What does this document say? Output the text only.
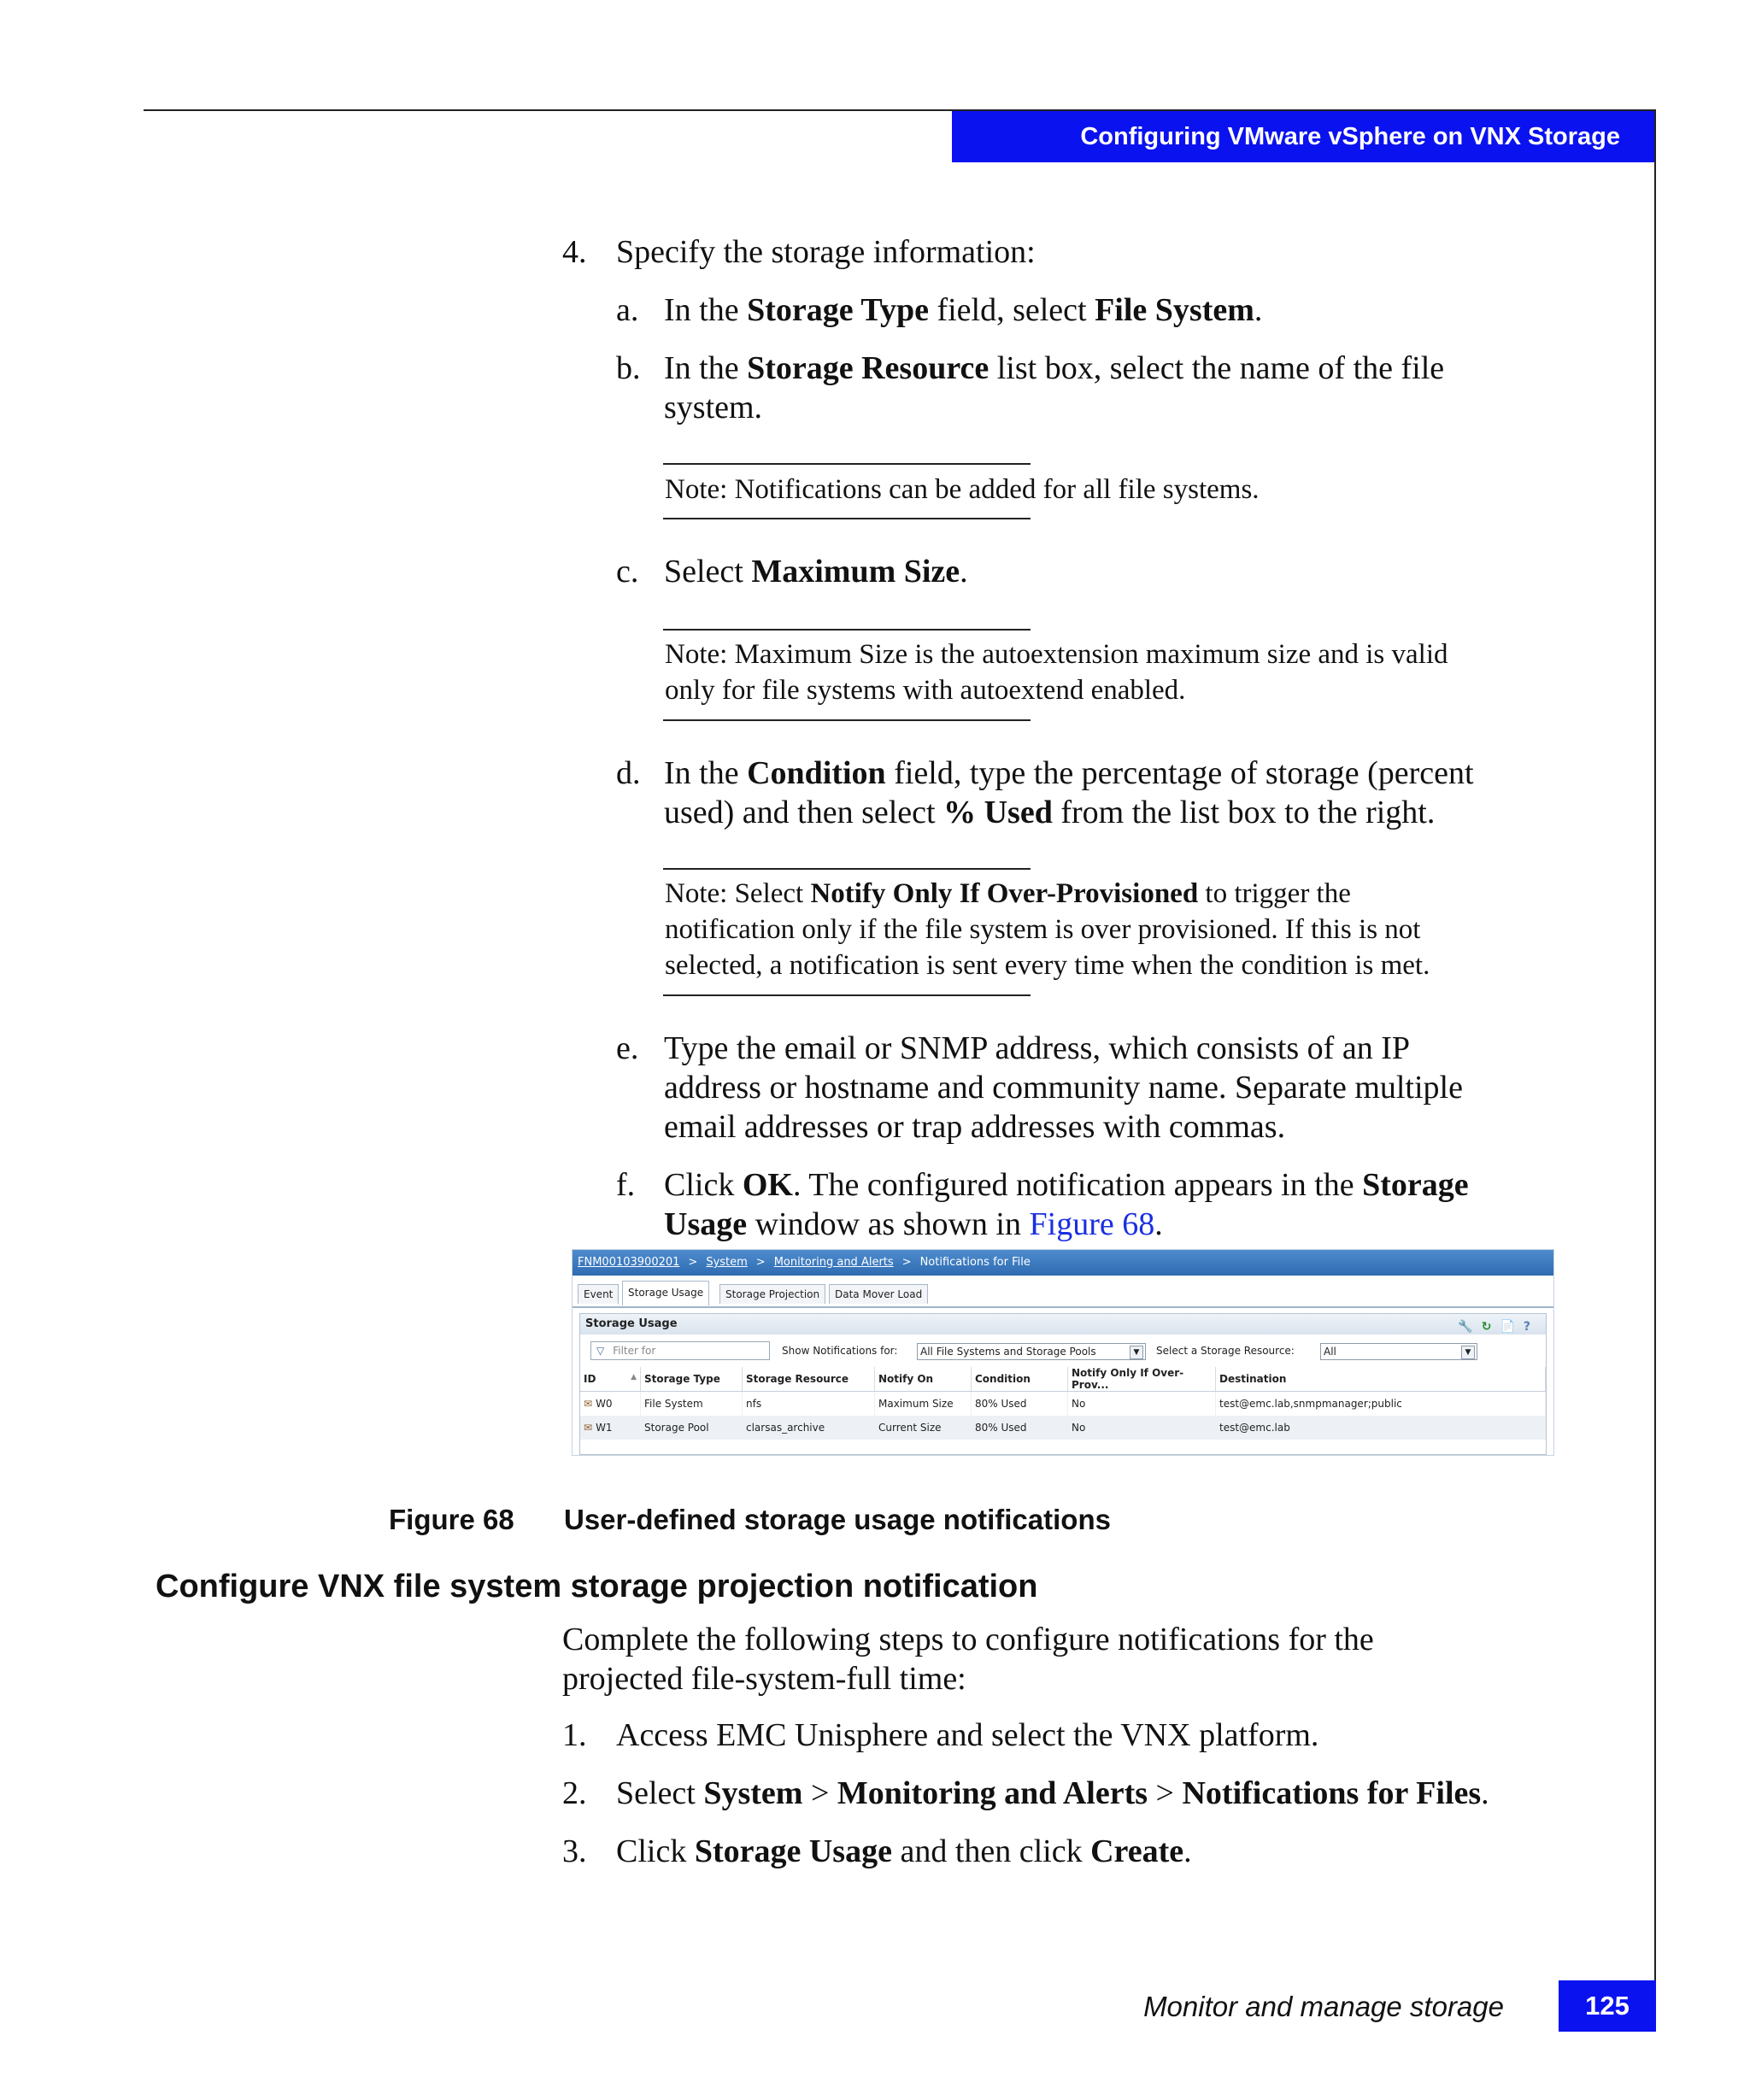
Configuring VMware vSphere on VNX Storage
4. Specify the storage information:
a. In the Storage Type field, select File System.
b. In the Storage Resource list box, select the name of the file
system.
Note: Notifications can be added for all file systems.
c. Select Maximum Size.
Note: Maximum Size is the autoextension maximum size and is valid
only for file systems with autoextend enabled.
d. In the Condition field, type the percentage of storage (percent
used) and then select % Used from the list box to the right.
Note: Select Notify Only If Over-Provisioned to trigger the
notification only if the file system is over provisioned. If this is not
selected, a notification is sent every time when the condition is met.
e. Type the email or SNMP address, which consists of an IP
address or hostname and community name. Separate multiple
email addresses or trap addresses with commas.
f. Click OK. The configured notification appears in the Storage
Usage window as shown in Figure 68.
FNM00103900201 > System > Monitoring and Alerts > Notifications for File
Event	Storage Usage	Storage Projection	Data Mover Load
Storage Usage	🔧↻📄?
▽ Filter for	Show Notifications for:	All File Systems and Storage Pools	▼	Select a Storage Resource:	All	▼
ID ▲	Storage Type	Storage Resource	Notify On	Condition	Notify Only If Over-Prov...	Destination
✉ W0	File System	nfs	Maximum Size	80% Used	No	test@emc.lab,snmpmanager;public
✉ W1	Storage Pool	clarsas_archive	Current Size	80% Used	No	test@emc.lab
Figure 68 User-defined storage usage notifications
Configure VNX file system storage projection notification
Complete the following steps to configure notifications for the
projected file-system-full time:
1. Access EMC Unisphere and select the VNX platform.
2. Select System > Monitoring and Alerts > Notifications for Files.
3. Click Storage Usage and then click Create.
Monitor and manage storage	125
